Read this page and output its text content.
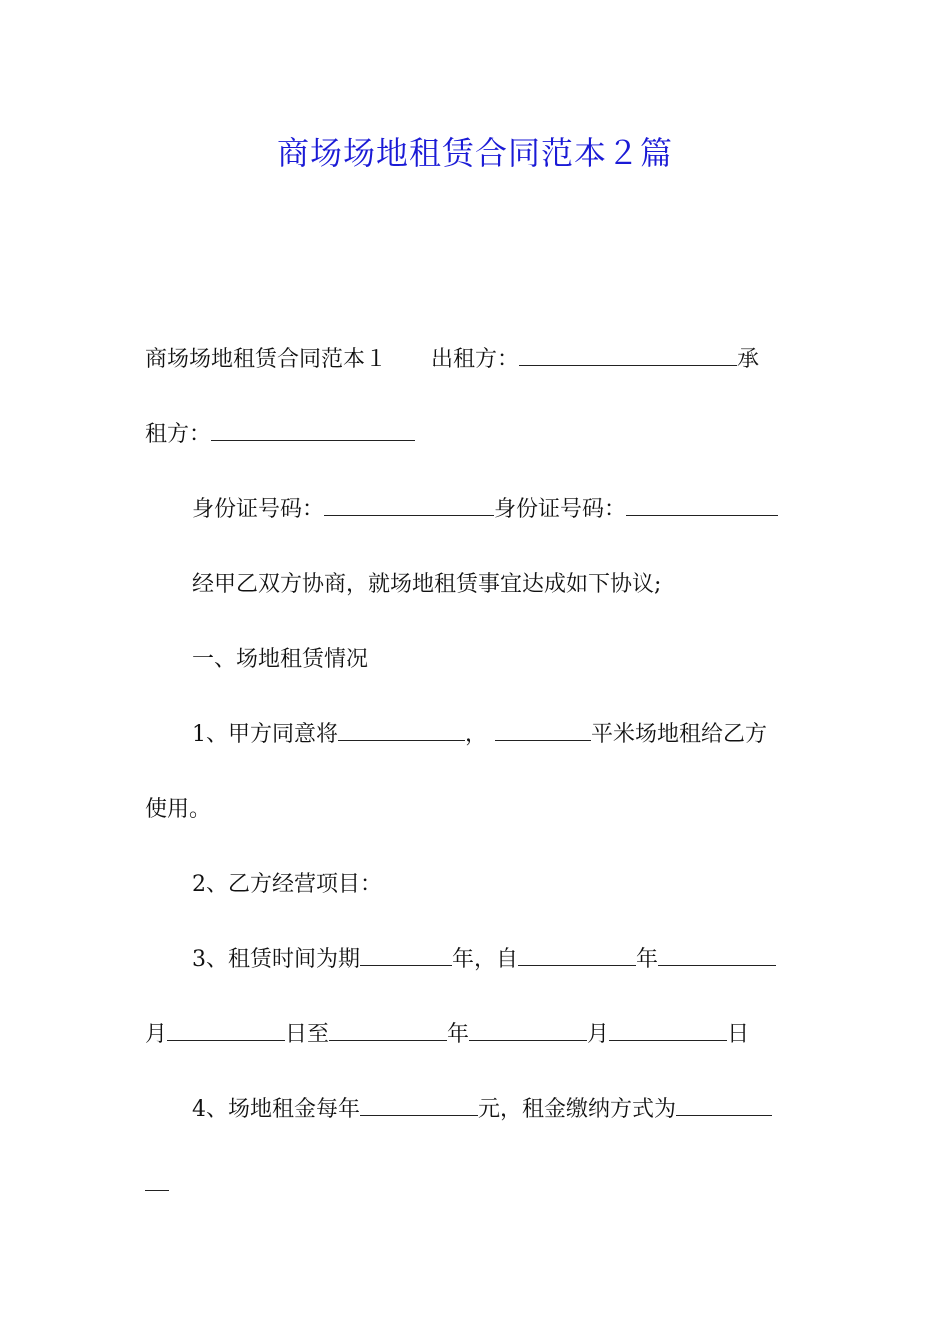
商场场地租赁合同范本２篇
商场场地租赁合同范本１ 出租方：	承
租方：
身份证号码：	身份证号码：
经甲乙双方协商，就场地租赁事宜达成如下协议;
一、场地租赁情况
1、甲方同意将	，	平米场地租给乙方
使用。
2、乙方经营项目：
3、租赁时间为期	年，自	年
月	日至	年	月	日
4、场地租金每年	元，租金缴纳方式为
